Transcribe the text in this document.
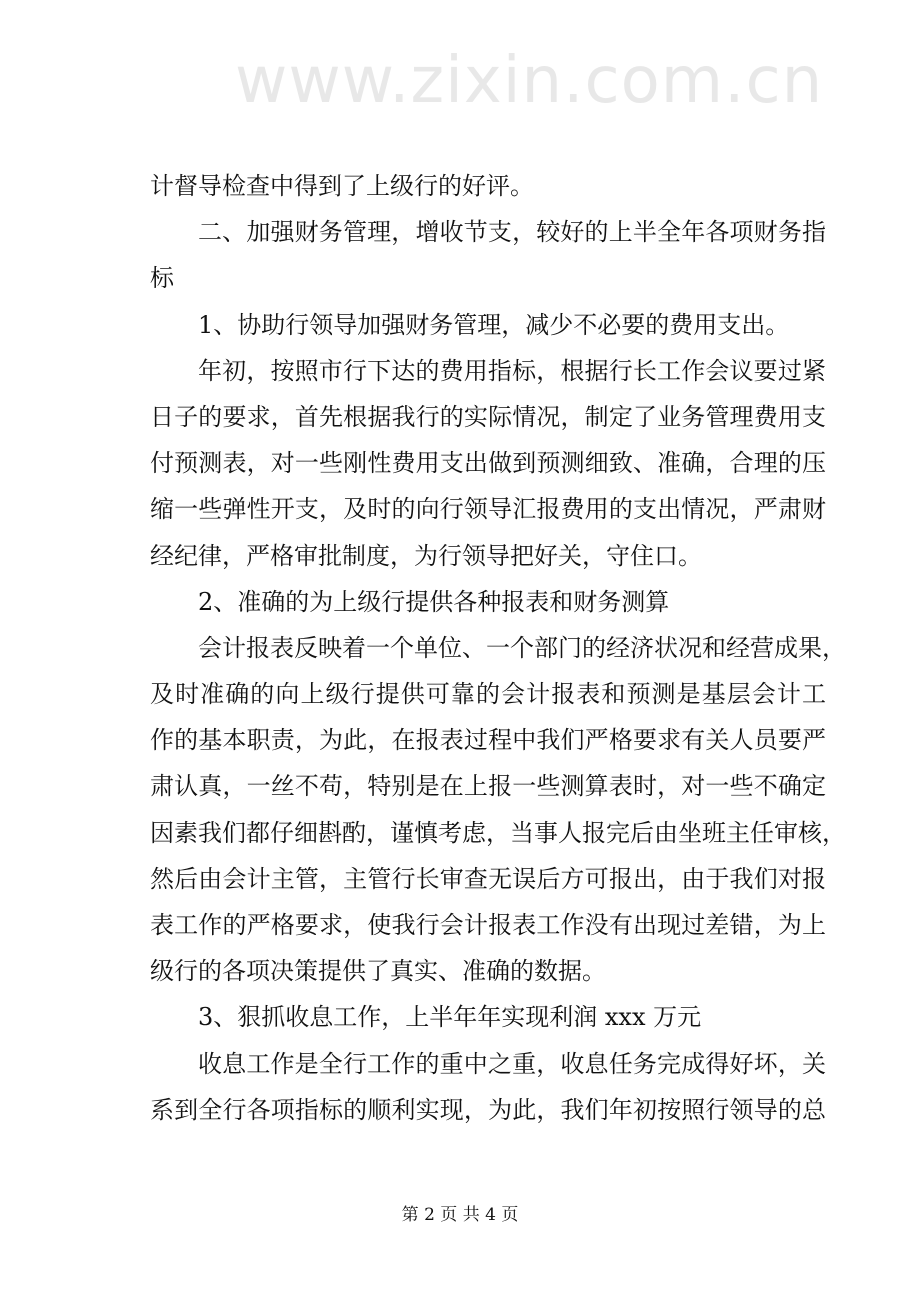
www.zixin.com.cn
计督导检查中得到了上级行的好评。
二、加强财务管理，增收节支，较好的上半全年各项财务指
标
1、协助行领导加强财务管理，减少不必要的费用支出。
年初，按照市行下达的费用指标，根据行长工作会议要过紧
日子的要求，首先根据我行的实际情况，制定了业务管理费用支
付预测表，对一些刚性费用支出做到预测细致、准确，合理的压
缩一些弹性开支，及时的向行领导汇报费用的支出情况，严肃财
经纪律，严格审批制度，为行领导把好关，守住口。
2、准确的为上级行提供各种报表和财务测算
会计报表反映着一个单位、一个部门的经济状况和经营成果，
及时准确的向上级行提供可靠的会计报表和预测是基层会计工
作的基本职责，为此，在报表过程中我们严格要求有关人员要严
肃认真，一丝不苟，特别是在上报一些测算表时，对一些不确定
因素我们都仔细斟酌，谨慎考虑，当事人报完后由坐班主任审核，
然后由会计主管，主管行长审查无误后方可报出，由于我们对报
表工作的严格要求，使我行会计报表工作没有出现过差错，为上
级行的各项决策提供了真实、准确的数据。
3、狠抓收息工作，上半年年实现利润 xxx 万元
收息工作是全行工作的重中之重，收息任务完成得好坏，关
系到全行各项指标的顺利实现，为此，我们年初按照行领导的总
第 2 页 共 4 页
